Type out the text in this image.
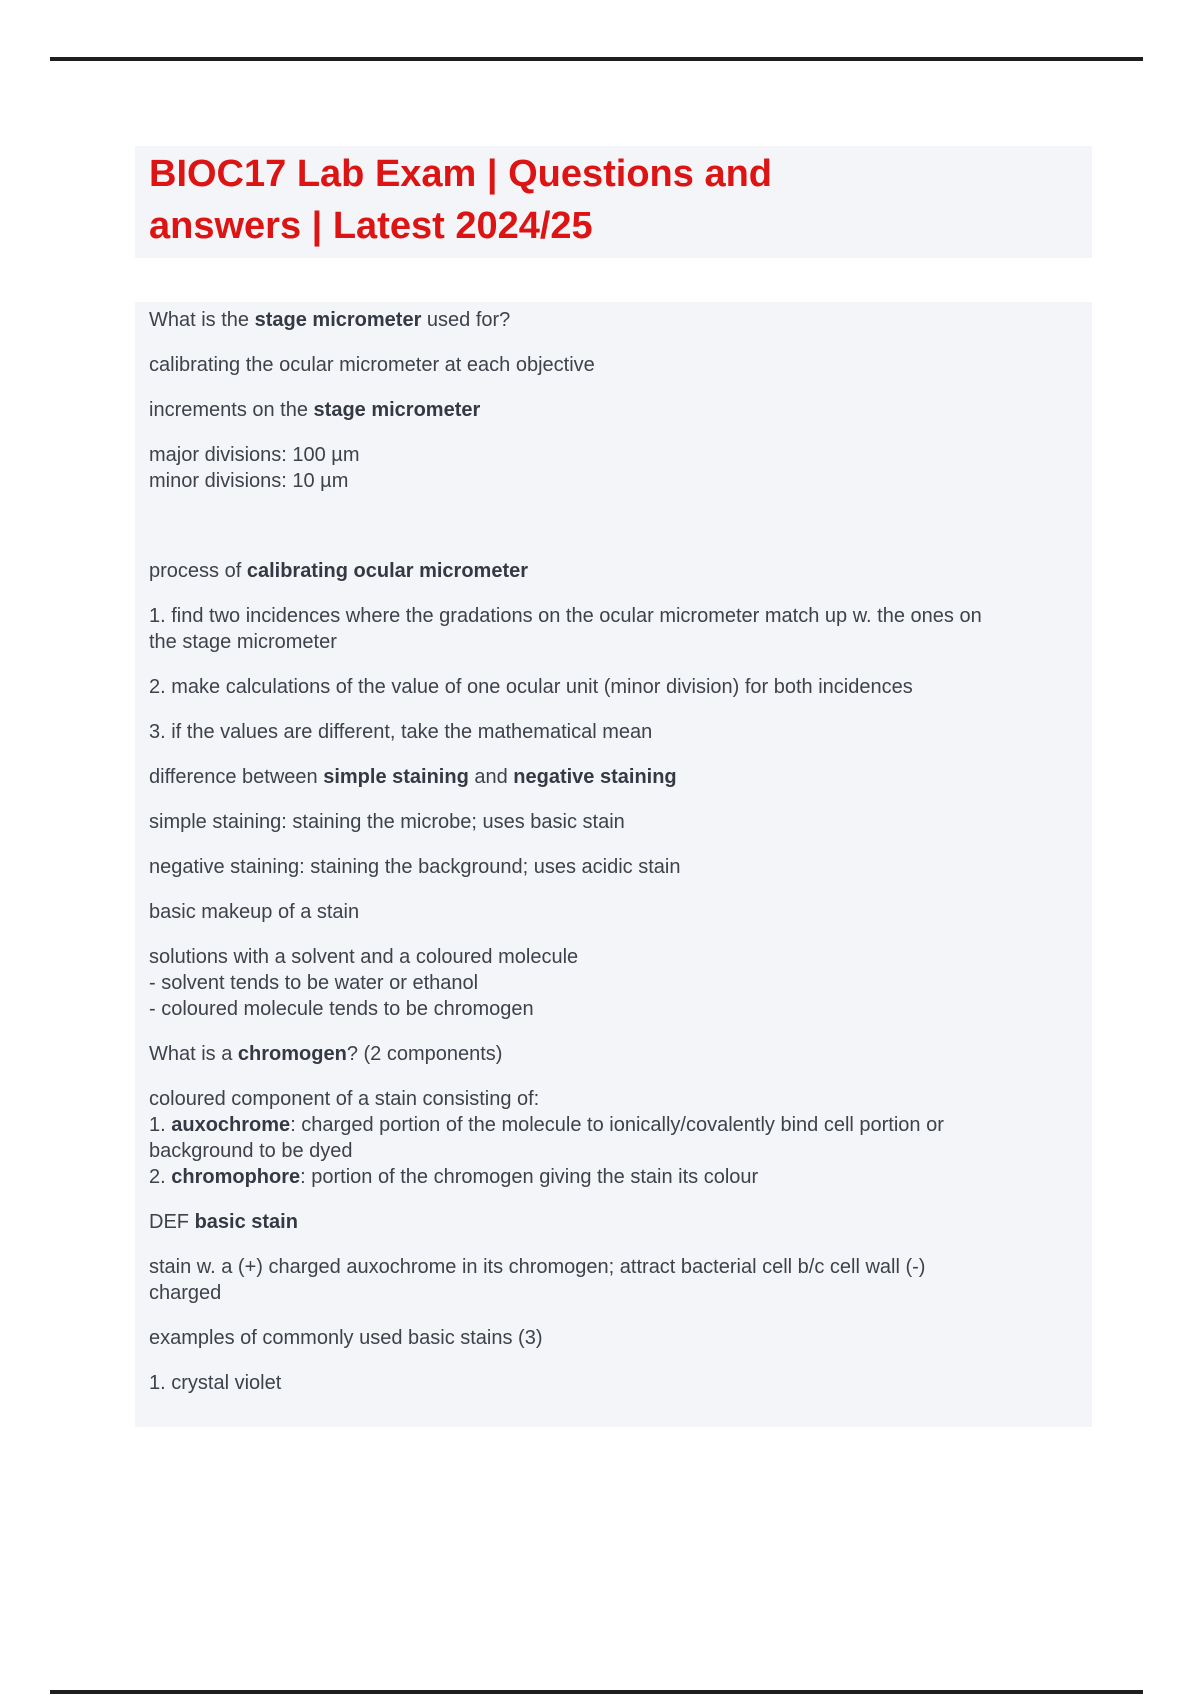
BIOC17 Lab Exam | Questions and
answers | Latest 2024/25

What is the stage micrometer used for?

calibrating the ocular micrometer at each objective

increments on the stage micrometer

major divisions: 100 µm
minor divisions: 10 µm

process of calibrating ocular micrometer

1. find two incidences where the gradations on the ocular micrometer match up w. the ones on
the stage micrometer

2. make calculations of the value of one ocular unit (minor division) for both incidences

3. if the values are different, take the mathematical mean

difference between simple staining and negative staining

simple staining: staining the microbe; uses basic stain

negative staining: staining the background; uses acidic stain

basic makeup of a stain

solutions with a solvent and a coloured molecule
- solvent tends to be water or ethanol
- coloured molecule tends to be chromogen

What is a chromogen? (2 components)

coloured component of a stain consisting of:
1. auxochrome: charged portion of the molecule to ionically/covalently bind cell portion or
background to be dyed
2. chromophore: portion of the chromogen giving the stain its colour

DEF basic stain

stain w. a (+) charged auxochrome in its chromogen; attract bacterial cell b/c cell wall (-)
charged

examples of commonly used basic stains (3)

1. crystal violet
